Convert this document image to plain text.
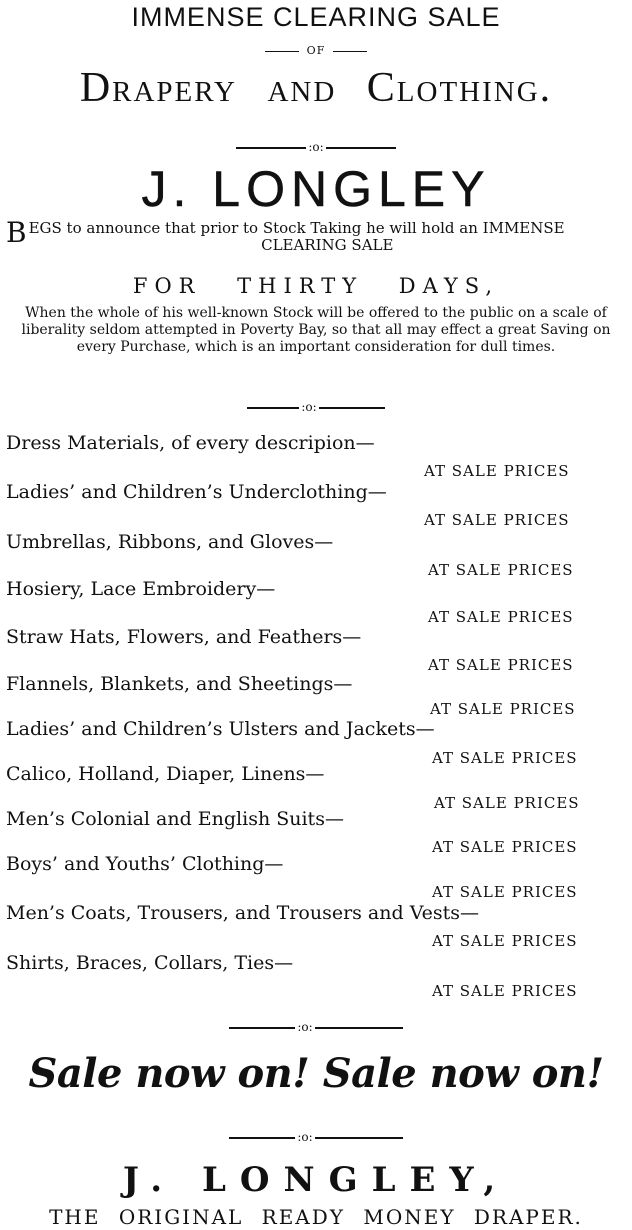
IMMENSE CLEARING SALE
OF
Drapery and Clothing.
:o:
J. LONGLEY
B EGS to announce that prior to Stock Taking he will hold an IMMENSE
CLEARING SALE
FOR THIRTY DAYS,
When the whole of his well-known Stock will be offered to the public on a scale of liberality seldom attempted in Poverty Bay, so that all may effect a great Saving on every Purchase, which is an important consideration for dull times.
:o:
Dress Materials, of every descripion—
AT SALE PRICES
Ladies’ and Children’s Underclothing—
AT SALE PRICES
Umbrellas, Ribbons, and Gloves—
AT SALE PRICES
Hosiery, Lace Embroidery—
AT SALE PRICES
Straw Hats, Flowers, and Feathers—
AT SALE PRICES
Flannels, Blankets, and Sheetings—
AT SALE PRICES
Ladies’ and Children’s Ulsters and Jackets—
AT SALE PRICES
Calico, Holland, Diaper, Linens—
AT SALE PRICES
Men’s Colonial and English Suits—
AT SALE PRICES
Boys’ and Youths’ Clothing—
AT SALE PRICES
Men’s Coats, Trousers, and Trousers and Vests—
AT SALE PRICES
Shirts, Braces, Collars, Ties—
AT SALE PRICES
:o:
Sale now on! Sale now on!
:o:
J. LONGLEY,
THE ORIGINAL READY MONEY DRAPER.
